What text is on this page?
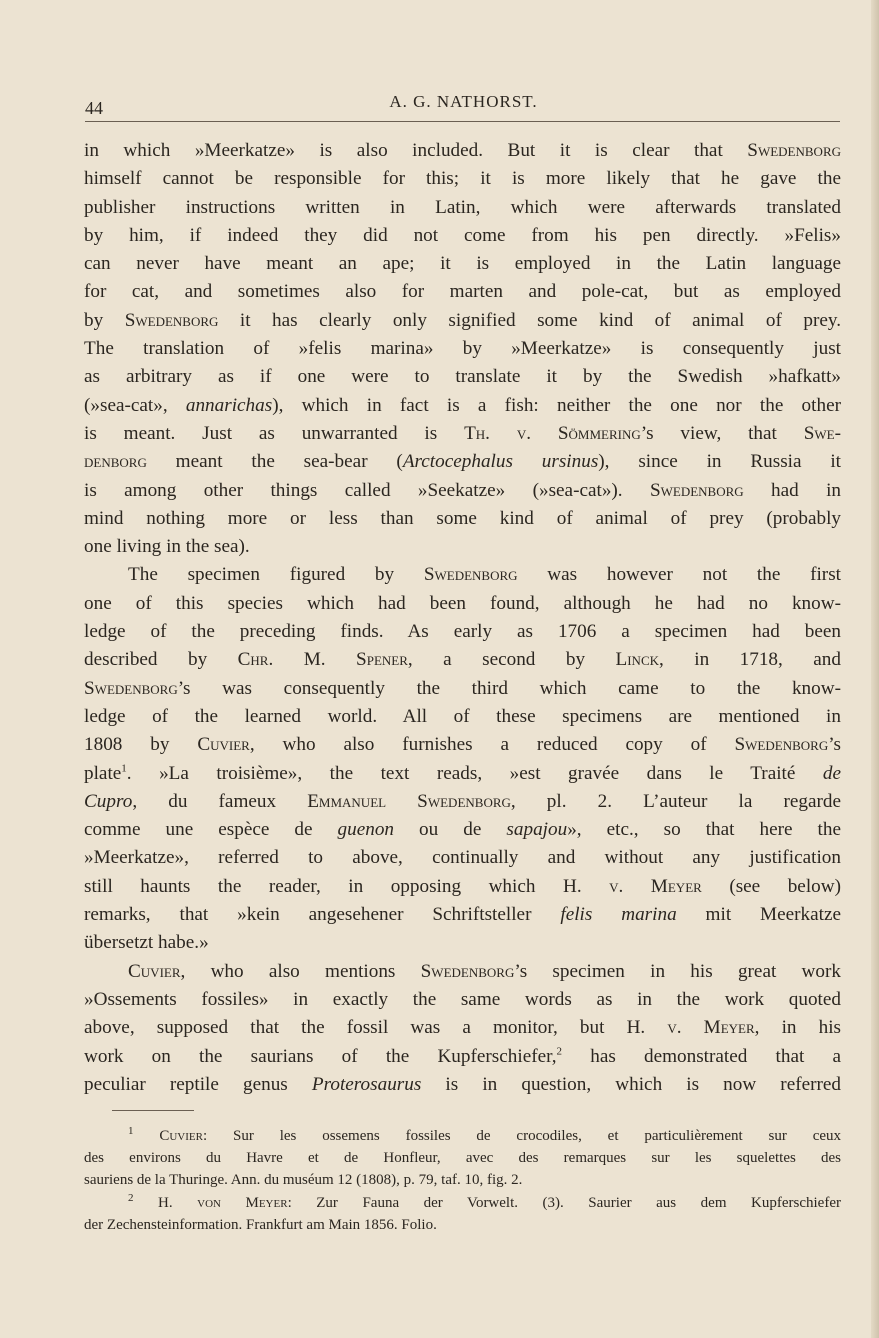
44	A. G. NATHORST.
in which »Meerkatze» is also included. But it is clear that Swedenborg
himself cannot be responsible for this; it is more likely that he gave the
publisher instructions written in Latin, which were afterwards translated
by him, if indeed they did not come from his pen directly. »Felis»
can never have meant an ape; it is employed in the Latin language
for cat, and sometimes also for marten and pole-cat, but as employed
by Swedenborg it has clearly only signified some kind of animal of prey.
The translation of »felis marina» by »Meerkatze» is consequently just
as arbitrary as if one were to translate it by the Swedish »hafkatt»
(»sea-cat», annarichas), which in fact is a fish: neither the one nor the other
is meant. Just as unwarranted is Th. v. Sömmering’s view, that Swe-
denborg meant the sea-bear (Arctocephalus ursinus), since in Russia it
is among other things called »Seekatze» (»sea-cat»). Swedenborg had in
mind nothing more or less than some kind of animal of prey (probably
one living in the sea).
The specimen figured by Swedenborg was however not the first
one of this species which had been found, although he had no know-
ledge of the preceding finds. As early as 1706 a specimen had been
described by Chr. M. Spener, a second by Linck, in 1718, and
Swedenborg’s was consequently the third which came to the know-
ledge of the learned world. All of these specimens are mentioned in
1808 by Cuvier, who also furnishes a reduced copy of Swedenborg’s
plate$^1$. »La troisième», the text reads, »est gravée dans le Traité de
Cupro, du fameux Emmanuel Swedenborg, pl. 2. L’auteur la regarde
comme une espèce de guenon ou de sapajou», etc., so that here the
»Meerkatze», referred to above, continually and without any justification
still haunts the reader, in opposing which H. v. Meyer (see below)
remarks, that »kein angesehener Schriftsteller felis marina mit Meerkatze
übersetzt habe.»
Cuvier, who also mentions Swedenborg’s specimen in his great work
»Ossements fossiles» in exactly the same words as in the work quoted
above, supposed that the fossil was a monitor, but H. v. Meyer, in his
work on the saurians of the Kupferschiefer,$^2$ has demonstrated that a
peculiar reptile genus Proterosaurus is in question, which is now referred
$^1$ Cuvier: Sur les ossemens fossiles de crocodiles, et particulièrement sur ceux
des environs du Havre et de Honfleur, avec des remarques sur les squelettes des
sauriens de la Thuringe. Ann. du muséum 12 (1808), p. 79, taf. 10, fig. 2.
$^2$ H. von Meyer: Zur Fauna der Vorwelt. (3). Saurier aus dem Kupferschiefer
der Zechensteinformation. Frankfurt am Main 1856. Folio.
